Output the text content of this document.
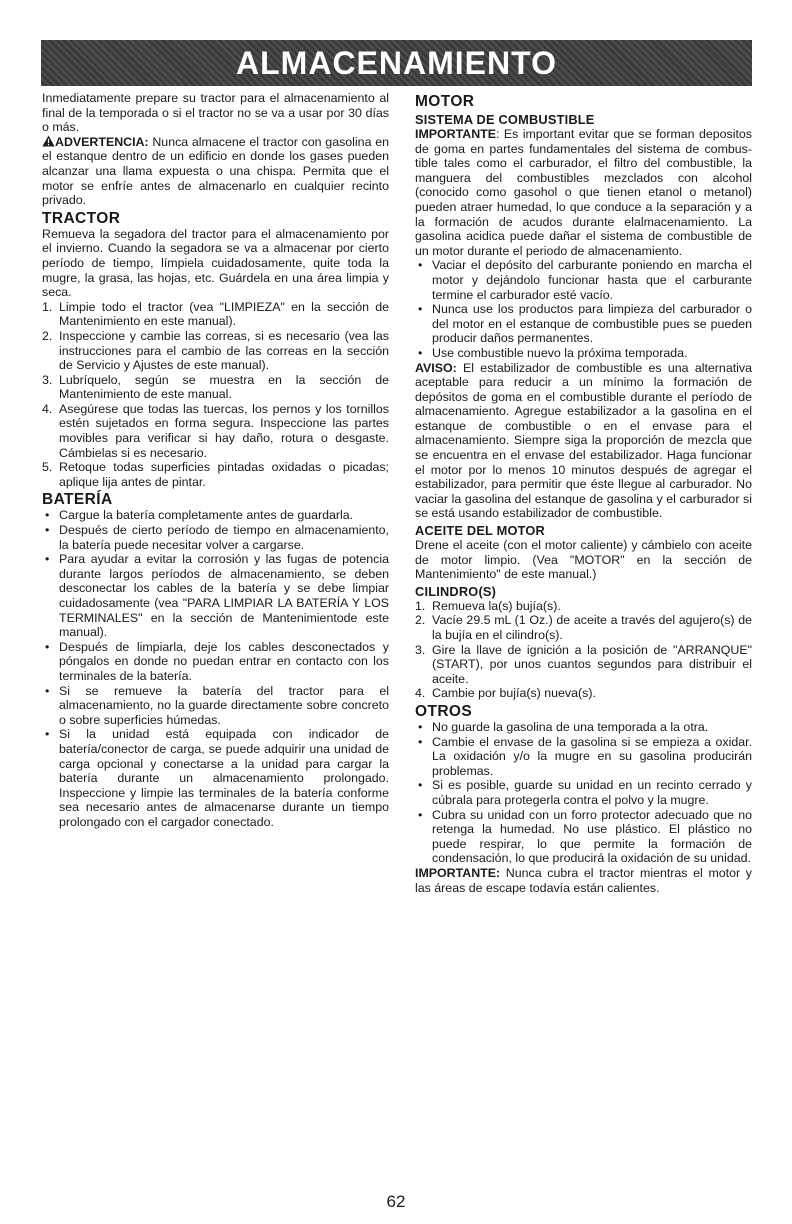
ALMACENAMIENTO

Inmediatamente prepare su tractor para el almacenamiento al final de la temporada o si el tractor no se va a usar por 30 días o más.

ADVERTENCIA: Nunca almacene el tractor con gasolina en el estanque dentro de un edificio en donde los gases pueden alcanzar una llama expuesta o una chispa. Permita que el motor se enfríe antes de almacenarlo en cualquier recinto privado.

TRACTOR

Remueva la segadora del tractor para el almacenamiento por el invierno. Cuando la segadora se va a almacenar por cierto período de tiempo, límpiela cuidadosamente, quite toda la mugre, la grasa, las hojas, etc. Guárdela en una área limpia y seca.

1. Limpie todo el tractor (vea "LIMPIEZA" en la sección de Mantenimiento en este manual).
2. Inspeccione y cambie las correas, si es necesario (vea las instrucciones para el cambio de las correas en la sección de Servicio y Ajustes de este manual).
3. Lubríquelo, según se muestra en la sección de Mantenimiento de este manual.
4. Asegúrese que todas las tuercas, los pernos y los tornillos estén sujetados en forma segura. Inspeccione las partes movibles para verificar si hay daño, rotura o desgaste. Cámbielas si es necesario.
5. Retoque todas superficies pintadas oxidadas o picadas; aplique lija antes de pintar.
BATERÍA
• Cargue la batería completamente antes de guardarla.
• Después de cierto período de tiempo en almacenamiento, la batería puede necesitar volver a cargarse.
• Para ayudar a evitar la corrosión y las fugas de potencia durante largos períodos de almacenamiento, se deben desconectar los cables de la batería y se debe limpiar cuidadosamente (vea "PARA LIMPIAR LA BATERÍA Y LOS TERMINALES" en la sección de Mantenimientode este manual).
• Después de limpiarla, deje los cables desconectados y póngalos en donde no puedan entrar en contacto con los terminales de la batería.
• Si se remueve la batería del tractor para el almacenamiento, no la guarde directamente sobre concreto o sobre superficies húmedas.
• Si la unidad está equipada con indicador de batería/conector de carga, se puede adquirir una unidad de carga opcional y conectarse a la unidad para cargar la batería durante un almacenamiento prolongado. Inspeccione y limpie las terminales de la batería conforme sea necesario antes de almacenarse durante un tiempo prolongado con el cargador conectado.
MOTOR
SISTEMA DE COMBUSTIBLE

IMPORTANTE: Es important evitar que se forman depositos de goma en partes fundamentales del sistema de combus-tible tales como el carburador, el filtro del combustible, la manguera del combustibles mezclados con alcohol (conocido como gasohol o que tienen etanol o metanol) pueden atraer humedad, lo que conduce a la separación y a la formación de acudos durante elalmacenamiento. La gasolina acidica puede dañar el sistema de combustible de un motor durante el periodo de almacenamiento.

• Vaciar el depósito del carburante poniendo en marcha el motor y dejándolo funcionar hasta que el carburante termine el carburador esté vacío.
• Nunca use los productos para limpieza del carburador o del motor en el estanque de combustible pues se pueden producir daños permanentes.
• Use combustible nuevo la próxima temporada.

AVISO: El estabilizador de combustible es una alternativa aceptable para reducir a un mínimo la formación de depósitos de goma en el combustible durante el período de almacenamiento. Agregue estabilizador a la gasolina en el estanque de combustible o en el envase para el almacenamiento. Siempre siga la proporción de mezcla que se encuentra en el envase del estabilizador. Haga funcionar el motor por lo menos 10 minutos después de agregar el estabilizador, para permitir que éste llegue al carburador. No vaciar la gasolina del estanque de gasolina y el carburador si se está usando estabilizador de combustible.

ACEITE DEL MOTOR

Drene el aceite (con el motor caliente) y cámbielo con aceite de motor limpio. (Vea "MOTOR" en la sección de Mantenimiento" de este manual.)

CILINDRO(S)
1. Remueva la(s) bujía(s).
2. Vacíe 29.5 mL (1 Oz.) de aceite a través del agujero(s) de la bujía en el cilindro(s).
3. Gire la llave de ignición a la posición de "ARRANQUE" (START), por unos cuantos segundos para distribuir el aceite.
4. Cambie por bujía(s) nueva(s).
OTROS
• No guarde la gasolina de una temporada a la otra.
• Cambie el envase de la gasolina si se empieza a oxidar. La oxidación y/o la mugre en su gasolina producirán problemas.
• Si es posible, guarde su unidad en un recinto cerrado y cúbrala para protegerla contra el polvo y la mugre.
• Cubra su unidad con un forro protector adecuado que no retenga la humedad. No use plástico. El plástico no puede respirar, lo que permite la formación de condensación, lo que producirá la oxidación de su unidad.

IMPORTANTE: Nunca cubra el tractor mientras el motor y las áreas de escape todavía están calientes.

62
